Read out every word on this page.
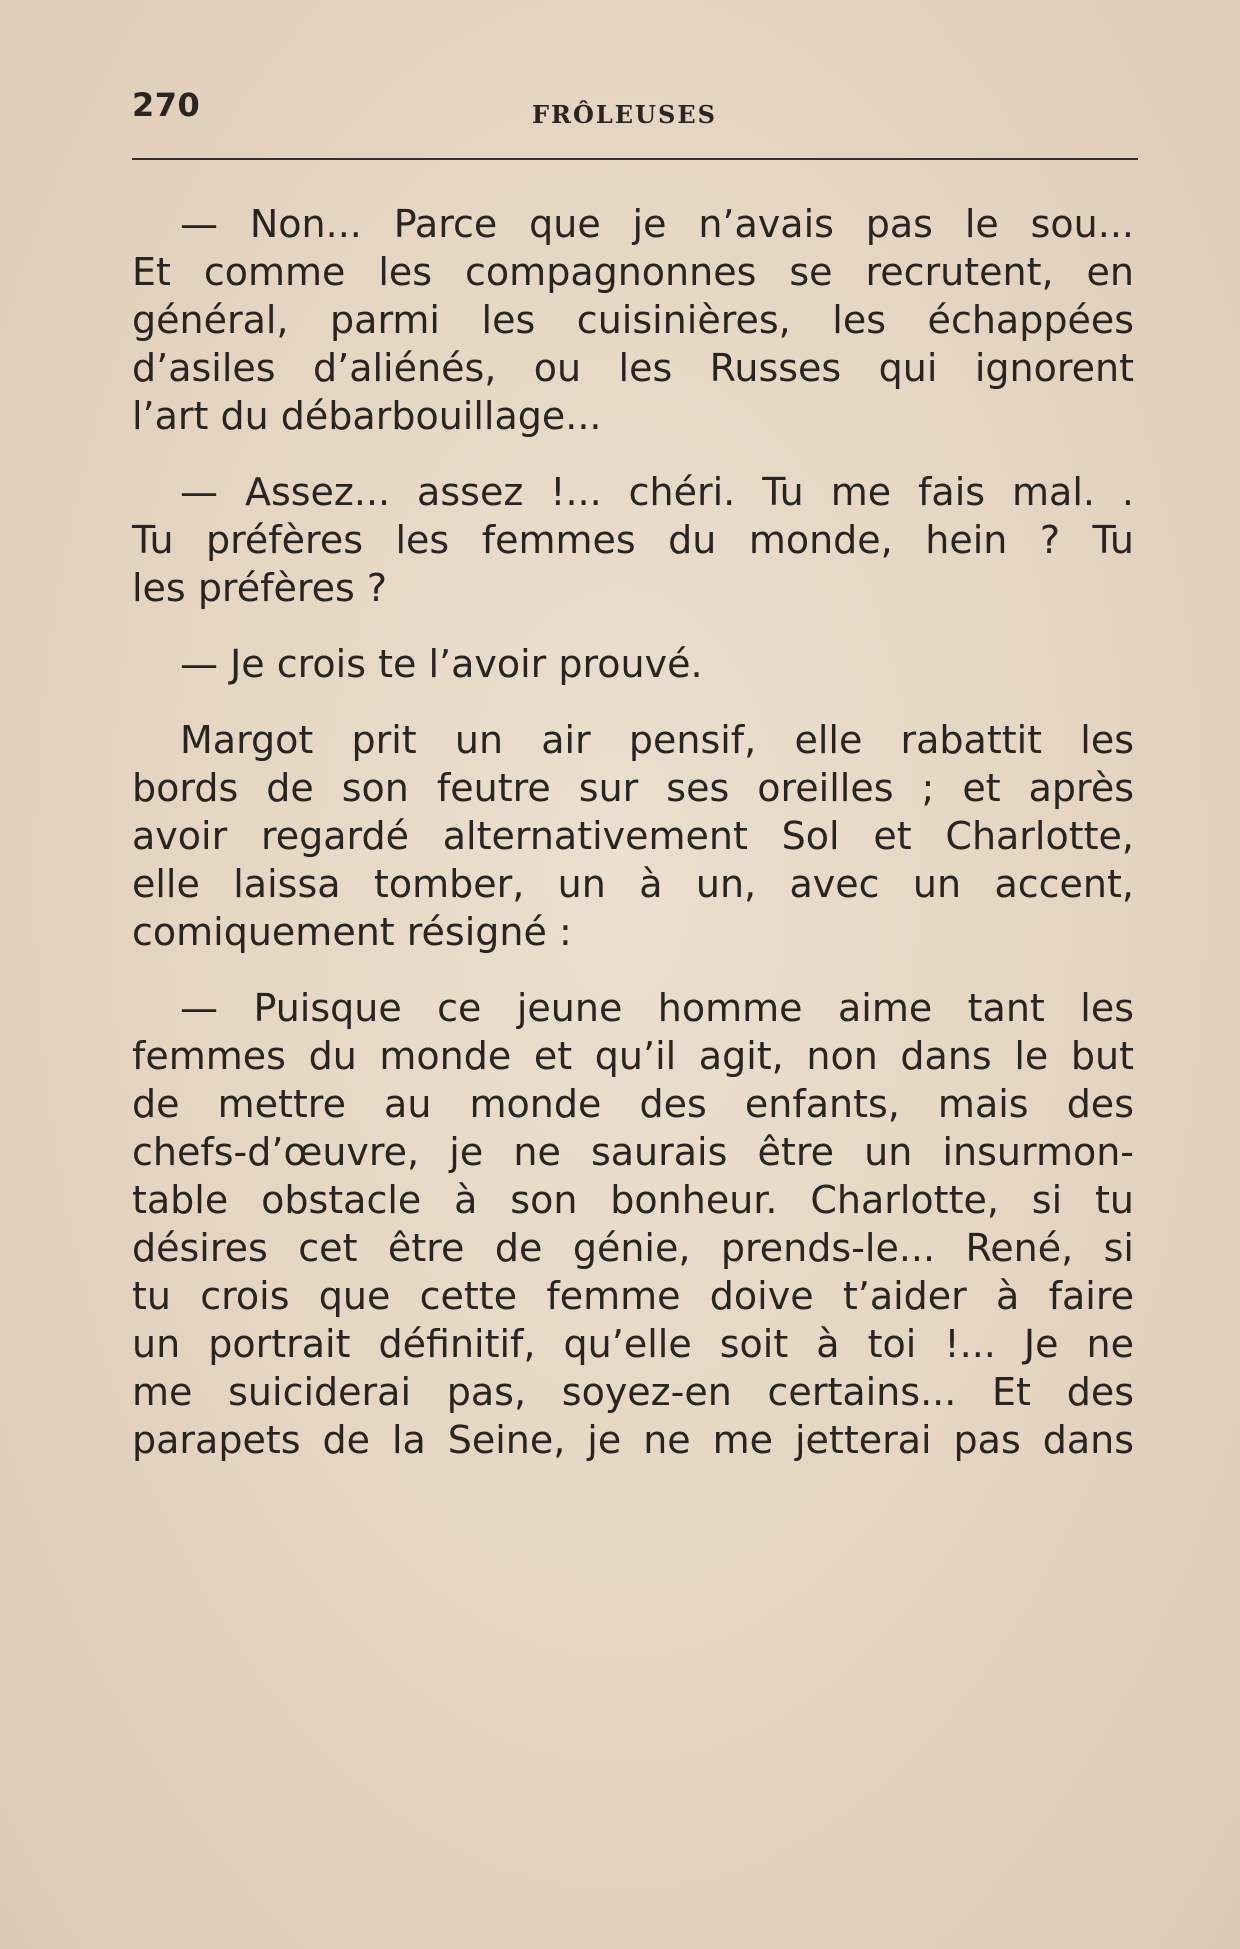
270	FRÔLEUSES
— Non... Parce que je n’avais pas le sou...
Et comme les compagnonnes se recrutent, en
général, parmi les cuisinières, les échappées
d’asiles d’aliénés, ou les Russes qui ignorent
l’art du débarbouillage...
— Assez... assez !... chéri. Tu me fais mal. .
Tu préfères les femmes du monde, hein ? Tu
les préfères ?
— Je crois te l’avoir prouvé.
Margot prit un air pensif, elle rabattit les
bords de son feutre sur ses oreilles ; et après
avoir regardé alternativement Sol et Charlotte,
elle laissa tomber, un à un, avec un accent,
comiquement résigné :
— Puisque ce jeune homme aime tant les
femmes du monde et qu’il agit, non dans le but
de mettre au monde des enfants, mais des
chefs-d’œuvre, je ne saurais être un insurmon-
table obstacle à son bonheur. Charlotte, si tu
désires cet être de génie, prends-le... René, si
tu crois que cette femme doive t’aider à faire
un portrait définitif, qu’elle soit à toi !... Je ne
me suiciderai pas, soyez-en certains... Et des
parapets de la Seine, je ne me jetterai pas dans
